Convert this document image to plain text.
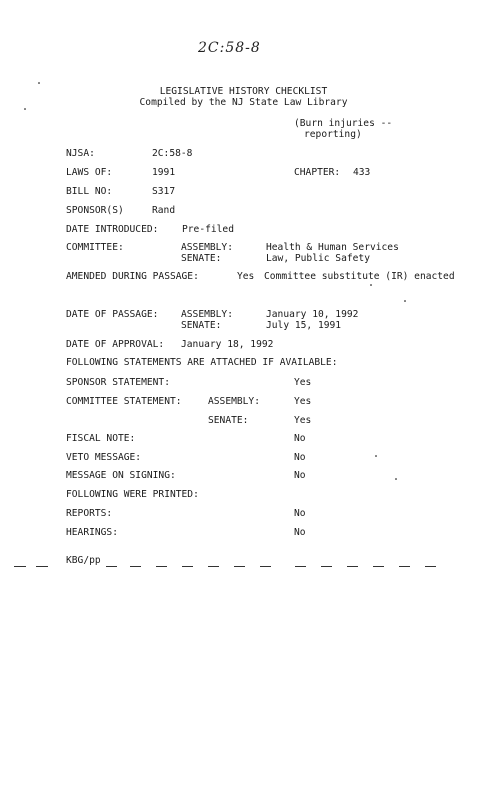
2C:58-8
LEGISLATIVE HISTORY CHECKLIST
Compiled by the NJ State Law Library
(Burn injuries --
reporting)
NJSA:	2C:58-8
LAWS OF:	1991	CHAPTER: 433
BILL NO:	S317
SPONSOR(S)	Rand
DATE INTRODUCED: Pre-filed
COMMITTEE:	ASSEMBLY:	Health & Human Services
SENATE:	Law, Public Safety
AMENDED DURING PASSAGE:	Yes Committee substitute (IR) enacted
DATE OF PASSAGE: ASSEMBLY:	January 10, 1992
SENATE:	July 15, 1991
DATE OF APPROVAL: January 18, 1992
FOLLOWING STATEMENTS ARE ATTACHED IF AVAILABLE:
SPONSOR STATEMENT:	Yes
COMMITTEE STATEMENT:	ASSEMBLY:	Yes
SENATE:	Yes
FISCAL NOTE:	No
VETO MESSAGE:	No
MESSAGE ON SIGNING:	No
FOLLOWING WERE PRINTED:
REPORTS:	No
HEARINGS:	No
KBG/pp
